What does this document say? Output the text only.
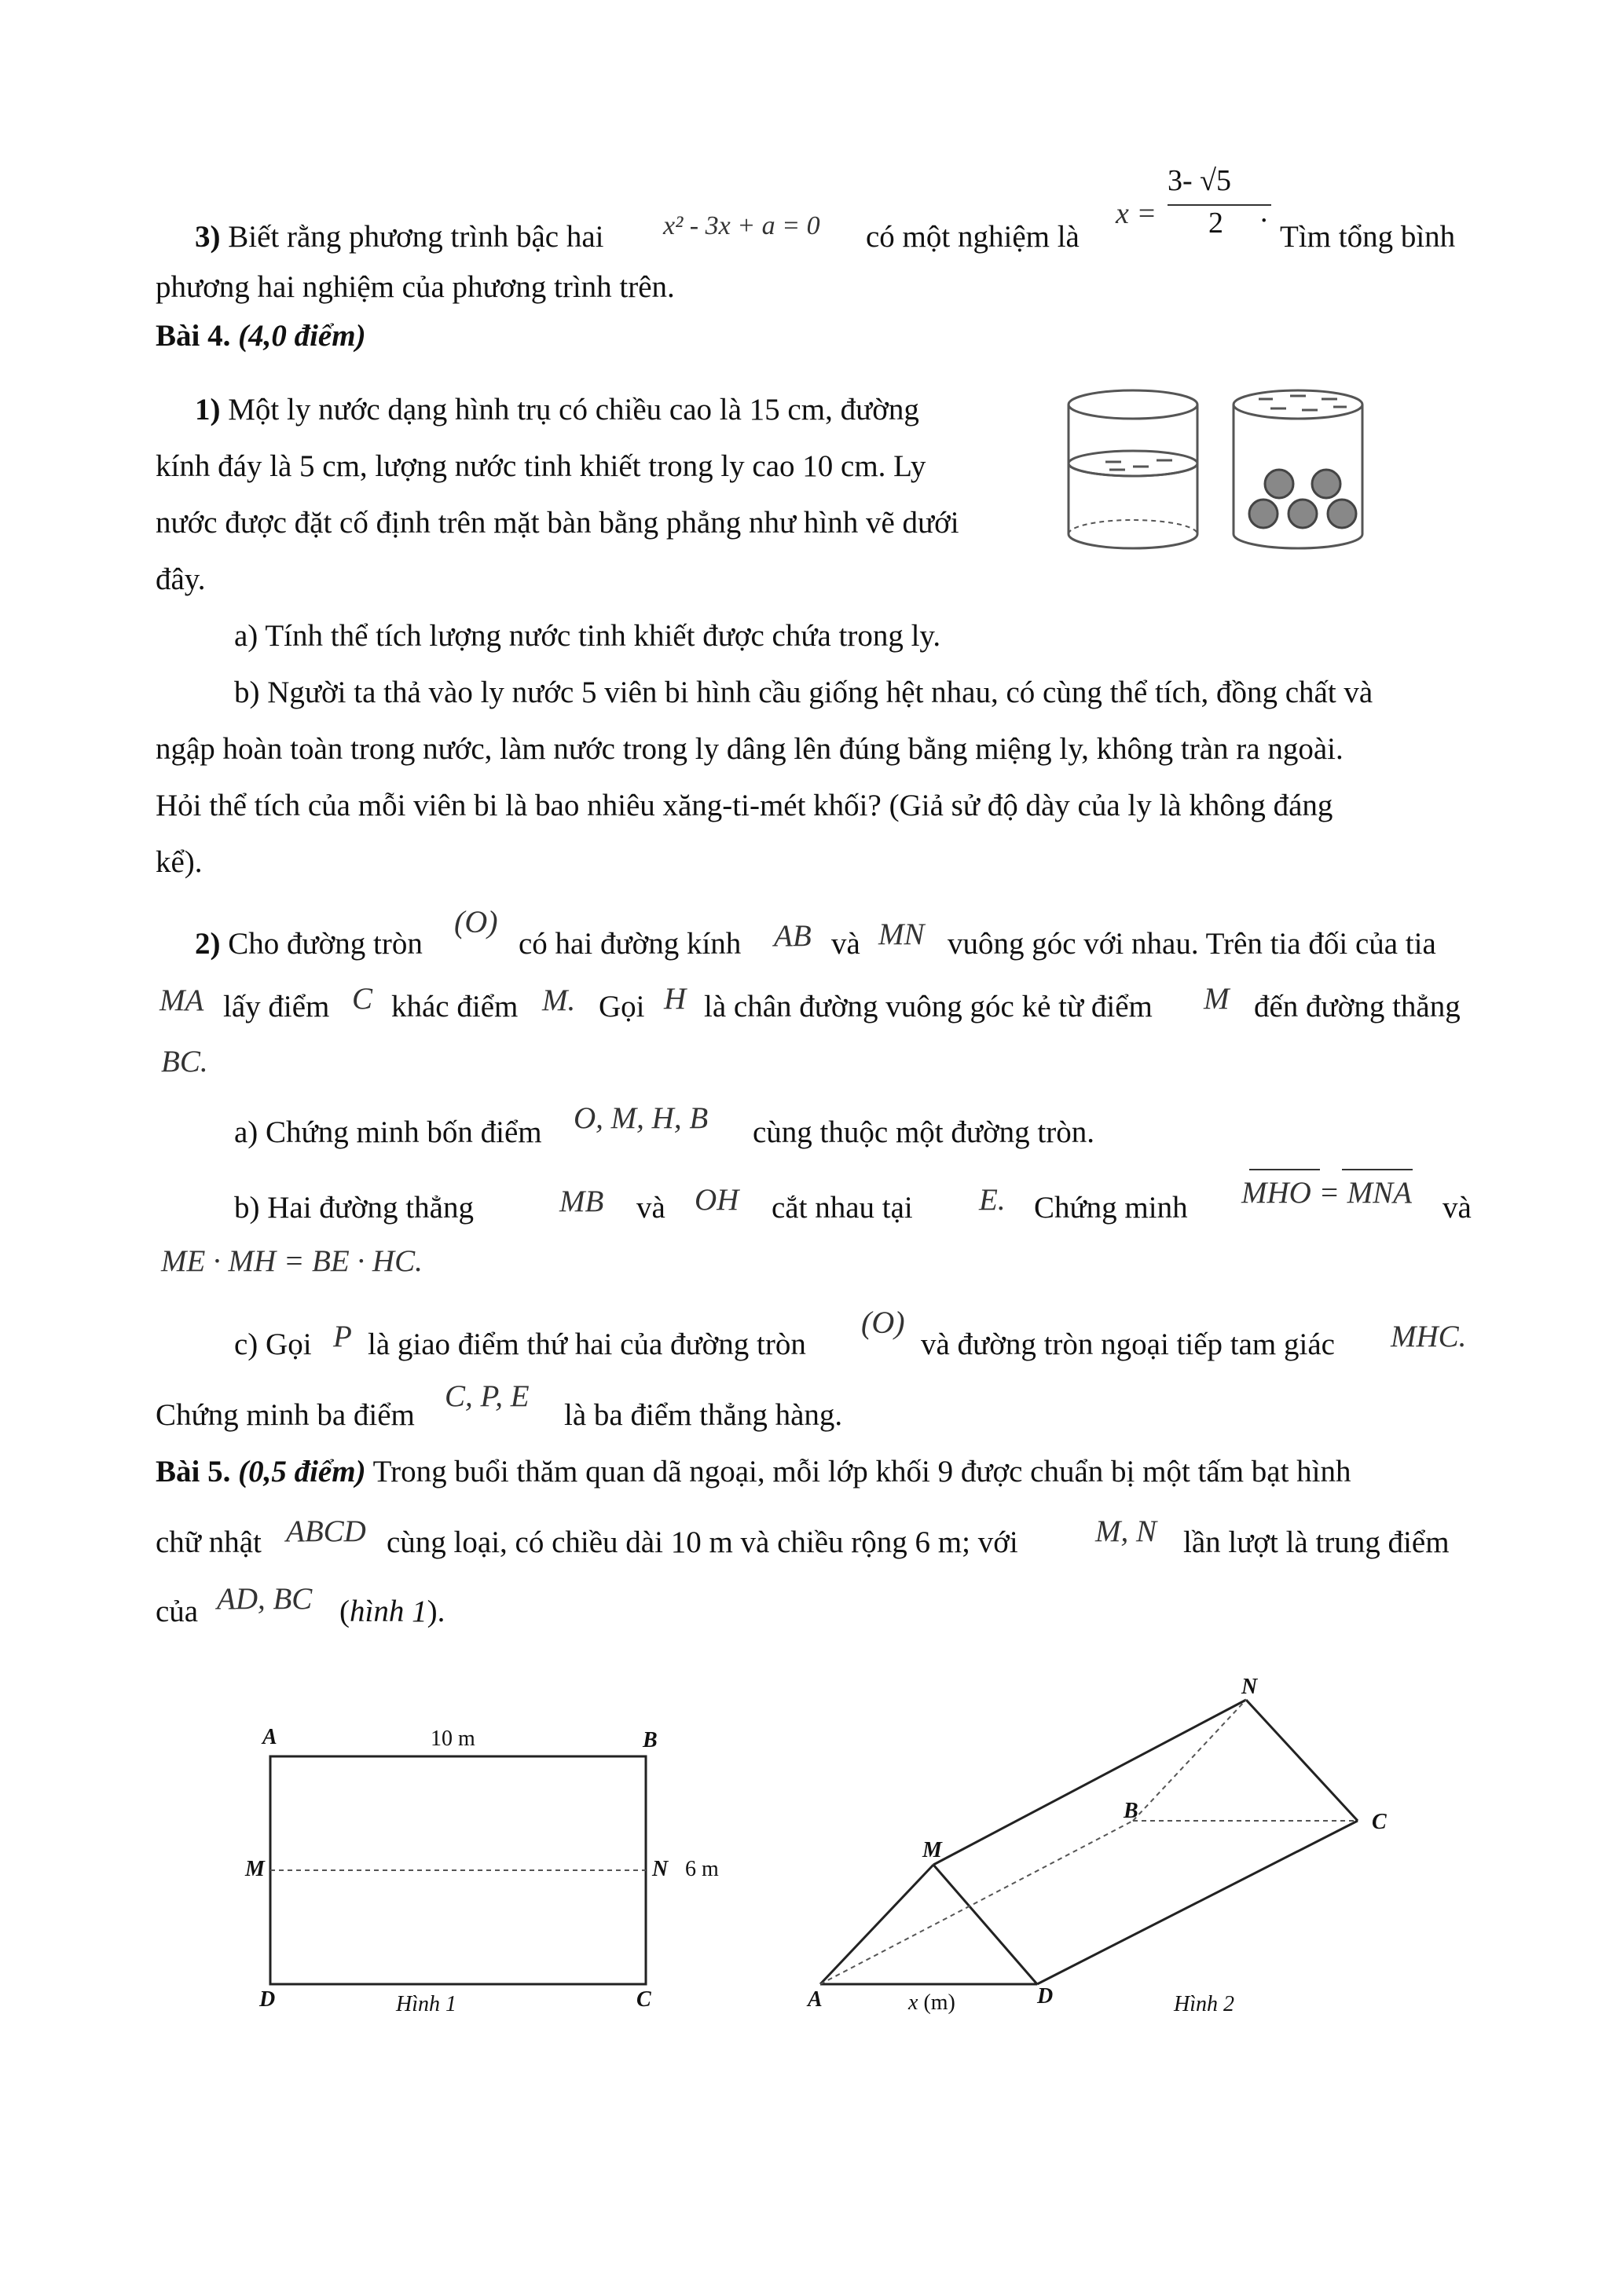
3) Biết rằng phương trình bậc hai x² - 3x + a = 0 có một nghiệm là
x =
3- √5
2 .
Tìm tổng bình
phương hai nghiệm của phương trình trên.
Bài 4. (4,0 điểm)
1) Một ly nước dạng hình trụ có chiều cao là 15 cm, đường
kính đáy là 5 cm, lượng nước tinh khiết trong ly cao 10 cm. Ly
nước được đặt cố định trên mặt bàn bằng phẳng như hình vẽ dưới
đây.
a) Tính thể tích lượng nước tinh khiết được chứa trong ly.
b) Người ta thả vào ly nước 5 viên bi hình cầu giống hệt nhau, có cùng thể tích, đồng chất và
ngập hoàn toàn trong nước, làm nước trong ly dâng lên đúng bằng miệng ly, không tràn ra ngoài.
Hỏi thể tích của mỗi viên bi là bao nhiêu xăng-ti-mét khối? (Giả sử độ dày của ly là không đáng
kể).
2) Cho đường tròn
(O)
có hai đường kính AB và MN vuông góc với nhau. Trên tia đối của tia
MA lấy điểm C khác điểm M. Gọi H là chân đường vuông góc kẻ từ điểm M đến đường thẳng
BC.
a) Chứng minh bốn điểm O, M, H, B cùng thuộc một đường tròn.
b) Hai đường thẳng	MB và OH cắt nhau tại E. Chứng minh MHO = MNA và
ME · MH = BE · HC.
c) Gọi P là giao điểm thứ hai của đường tròn
(O)
và đường tròn ngoại tiếp tam giác MHC.
Chứng minh ba điểm
C, P, E
là ba điểm thẳng hàng.
Bài 5. (0,5 điểm) Trong buổi thăm quan dã ngoại, mỗi lớp khối 9 được chuẩn bị một tấm bạt hình
chữ nhật ABCD cùng loại, có chiều dài 10 m và chiều rộng 6 m; với	M, N lần lượt là trung điểm
của AD, BC (hình 1).
A	10 m	B
M	N 6 m
D	Hình 1	C
N
B	C
M
A	x (m)	D	Hình 2
